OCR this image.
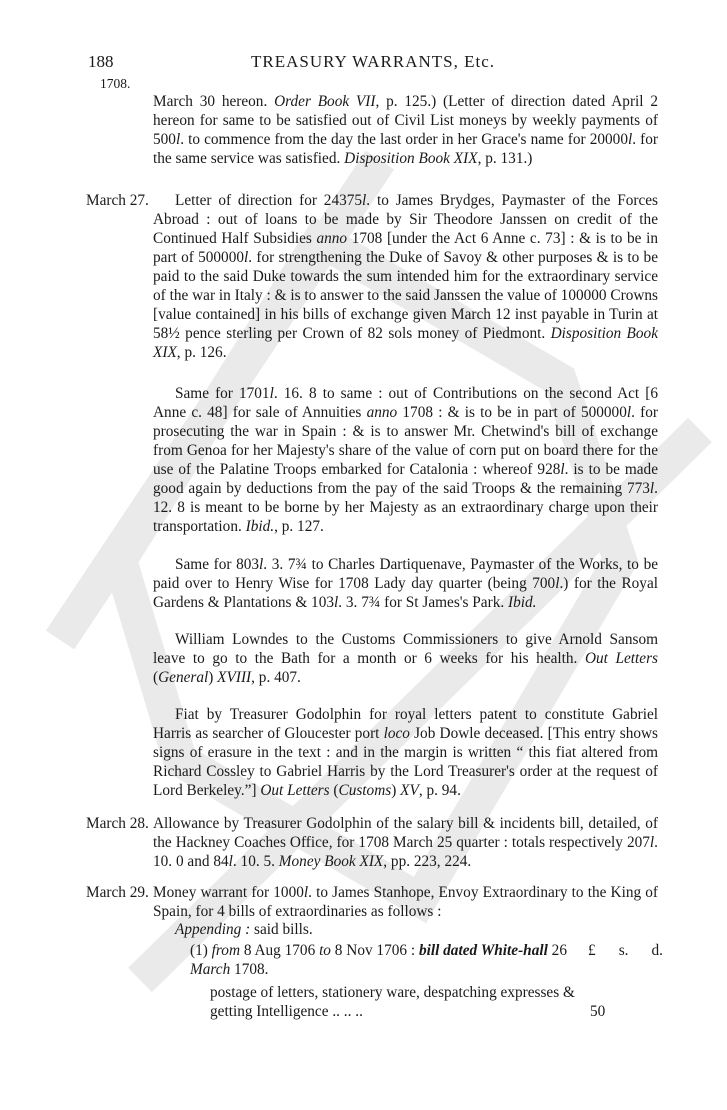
188	TREASURY WARRANTS, Etc.
1708.

March 30 hereon. Order Book VII, p. 125.) (Letter of direction dated April 2 hereon for same to be satisfied out of Civil List moneys by weekly payments of 500l. to commence from the day the last order in her Grace's name for 20000l. for the same service was satisfied. Disposition Book XIX, p. 131.)

March 27.	Letter of direction for 24375l. to James Brydges, Paymaster of the Forces Abroad : out of loans to be made by Sir Theodore Janssen on credit of the Continued Half Subsidies anno 1708 [under the Act 6 Anne c. 73] : & is to be in part of 500000l. for strengthening the Duke of Savoy & other purposes & is to be paid to the said Duke towards the sum intended him for the extraordinary service of the war in Italy : & is to answer to the said Janssen the value of 100000 Crowns [value contained] in his bills of exchange given March 12 inst payable in Turin at 58½ pence sterling per Crown of 82 sols money of Piedmont. Disposition Book XIX, p. 126.

Same for 1701l. 16. 8 to same : out of Contributions on the second Act [6 Anne c. 48] for sale of Annuities anno 1708 : & is to be in part of 500000l. for prosecuting the war in Spain : & is to answer Mr. Chetwind's bill of exchange from Genoa for her Majesty's share of the value of corn put on board there for the use of the Palatine Troops embarked for Catalonia : whereof 928l. is to be made good again by deductions from the pay of the said Troops & the remaining 773l. 12. 8 is meant to be borne by her Majesty as an extraordinary charge upon their transportation. Ibid., p. 127.

Same for 803l. 3. 7¾ to Charles Dartiquenave, Paymaster of the Works, to be paid over to Henry Wise for 1708 Lady day quarter (being 700l.) for the Royal Gardens & Plantations & 103l. 3. 7¾ for St James's Park. Ibid.

William Lowndes to the Customs Commissioners to give Arnold Sansom leave to go to the Bath for a month or 6 weeks for his health. Out Letters (General) XVIII, p. 407.

Fiat by Treasurer Godolphin for royal letters patent to constitute Gabriel Harris as searcher of Gloucester port loco Job Dowle deceased. [This entry shows signs of erasure in the text : and in the margin is written “ this fiat altered from Richard Cossley to Gabriel Harris by the Lord Treasurer's order at the request of Lord Berkeley.”] Out Letters (Customs) XV, p. 94.

March 28. Allowance by Treasurer Godolphin of the salary bill & incidents bill, detailed, of the Hackney Coaches Office, for 1708 March 25 quarter : totals respectively 207l. 10. 0 and 84l. 10. 5. Money Book XIX, pp. 223, 224.

March 29. Money warrant for 1000l. to James Stanhope, Envoy Extraordinary to the King of Spain, for 4 bills of extraordinaries as follows :

Appending : said bills.
(1) from 8 Aug 1706 to 8 Nov 1706 : bill dated White-hall 26 March 1708.
£ s. d.
postage of letters, stationery ware, despatching expresses & getting Intelligence .. .. ..	50
